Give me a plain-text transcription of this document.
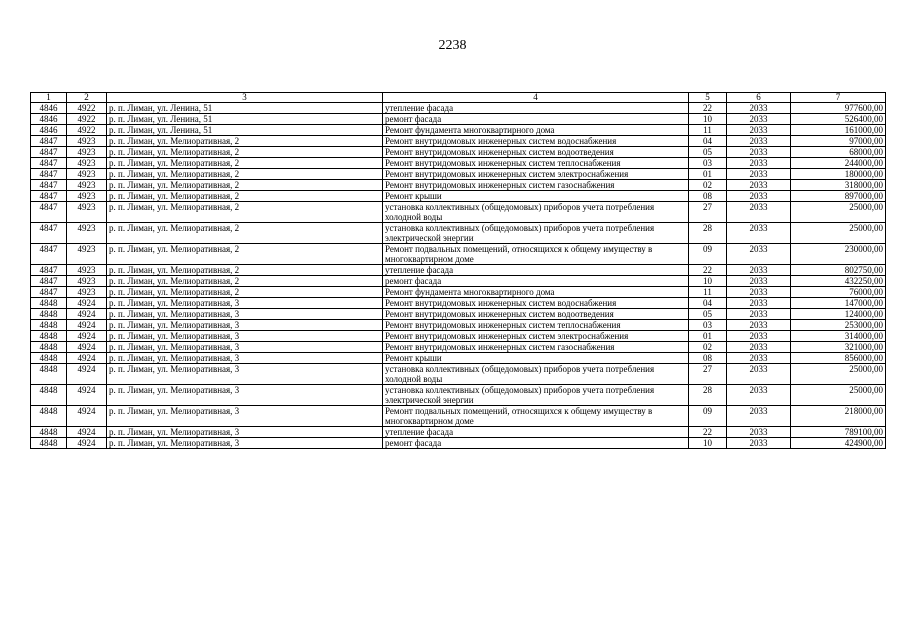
2238
1	2	3	4	5	6	7
4846	4922	р. п. Лиман, ул. Ленина, 51	утепление фасада	22	2033	977600,00
4846	4922	р. п. Лиман, ул. Ленина, 51	ремонт фасада	10	2033	526400,00
4846	4922	р. п. Лиман, ул. Ленина, 51	Ремонт фундамента многоквартирного дома	11	2033	161000,00
4847	4923	р. п. Лиман, ул. Мелиоративная, 2	Ремонт внутридомовых инженерных систем водоснабжения	04	2033	97000,00
4847	4923	р. п. Лиман, ул. Мелиоративная, 2	Ремонт внутридомовых инженерных систем водоотведения	05	2033	68000,00
4847	4923	р. п. Лиман, ул. Мелиоративная, 2	Ремонт внутридомовых инженерных систем теплоснабжения	03	2033	244000,00
4847	4923	р. п. Лиман, ул. Мелиоративная, 2	Ремонт внутридомовых инженерных систем электроснабжения	01	2033	180000,00
4847	4923	р. п. Лиман, ул. Мелиоративная, 2	Ремонт внутридомовых инженерных систем газоснабжения	02	2033	318000,00
4847	4923	р. п. Лиман, ул. Мелиоративная, 2	Ремонт крыши	08	2033	897000,00
4847	4923	р. п. Лиман, ул. Мелиоративная, 2	установка коллективных (общедомовых) приборов учета потребления холодной воды	27	2033	25000,00
4847	4923	р. п. Лиман, ул. Мелиоративная, 2	установка коллективных (общедомовых) приборов учета потребления электрической энергии	28	2033	25000,00
4847	4923	р. п. Лиман, ул. Мелиоративная, 2	Ремонт подвальных помещений, относящихся к общему имуществу в многоквартирном доме	09	2033	230000,00
4847	4923	р. п. Лиман, ул. Мелиоративная, 2	утепление фасада	22	2033	802750,00
4847	4923	р. п. Лиман, ул. Мелиоративная, 2	ремонт фасада	10	2033	432250,00
4847	4923	р. п. Лиман, ул. Мелиоративная, 2	Ремонт фундамента многоквартирного дома	11	2033	76000,00
4848	4924	р. п. Лиман, ул. Мелиоративная, 3	Ремонт внутридомовых инженерных систем водоснабжения	04	2033	147000,00
4848	4924	р. п. Лиман, ул. Мелиоративная, 3	Ремонт внутридомовых инженерных систем водоотведения	05	2033	124000,00
4848	4924	р. п. Лиман, ул. Мелиоративная, 3	Ремонт внутридомовых инженерных систем теплоснабжения	03	2033	253000,00
4848	4924	р. п. Лиман, ул. Мелиоративная, 3	Ремонт внутридомовых инженерных систем электроснабжения	01	2033	314000,00
4848	4924	р. п. Лиман, ул. Мелиоративная, 3	Ремонт внутридомовых инженерных систем газоснабжения	02	2033	321000,00
4848	4924	р. п. Лиман, ул. Мелиоративная, 3	Ремонт крыши	08	2033	856000,00
4848	4924	р. п. Лиман, ул. Мелиоративная, 3	установка коллективных (общедомовых) приборов учета потребления холодной воды	27	2033	25000,00
4848	4924	р. п. Лиман, ул. Мелиоративная, 3	установка коллективных (общедомовых) приборов учета потребления электрической энергии	28	2033	25000,00
4848	4924	р. п. Лиман, ул. Мелиоративная, 3	Ремонт подвальных помещений, относящихся к общему имуществу в многоквартирном доме	09	2033	218000,00
4848	4924	р. п. Лиман, ул. Мелиоративная, 3	утепление фасада	22	2033	789100,00
4848	4924	р. п. Лиман, ул. Мелиоративная, 3	ремонт фасада	10	2033	424900,00
